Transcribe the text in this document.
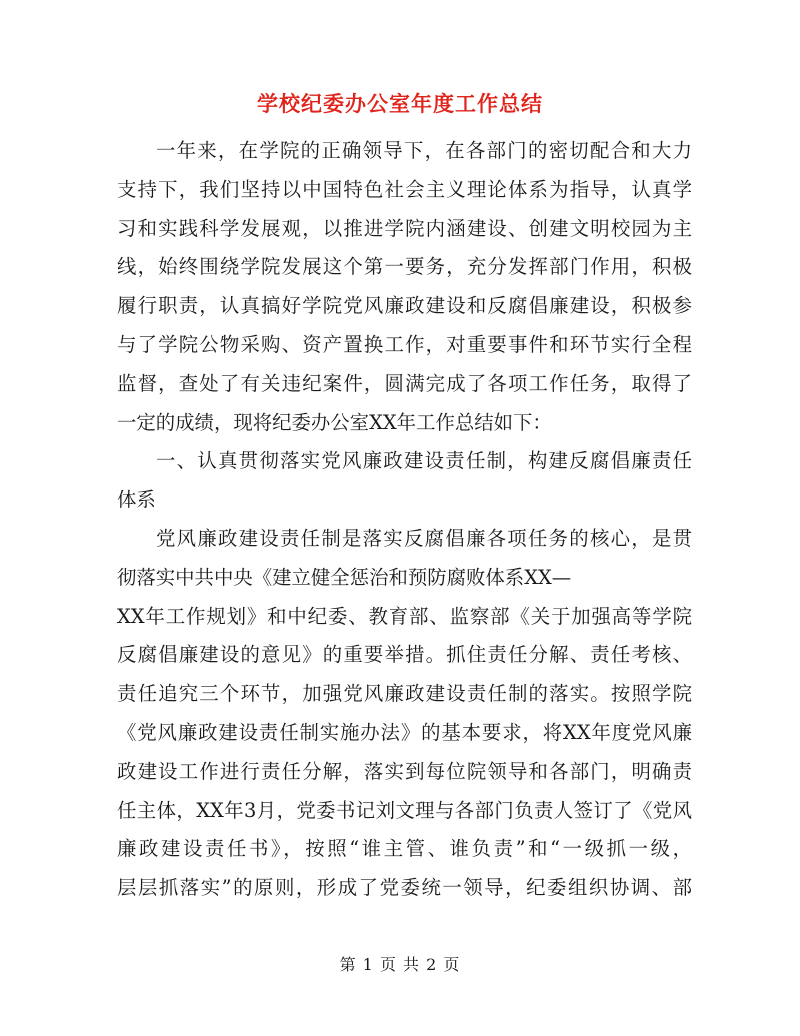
学校纪委办公室年度工作总结
一年来，在学院的正确领导下，在各部门的密切配合和大力
支持下，我们坚持以中国特色社会主义理论体系为指导，认真学
习和实践科学发展观，以推进学院内涵建设、创建文明校园为主
线，始终围绕学院发展这个第一要务，充分发挥部门作用，积极
履行职责，认真搞好学院党风廉政建设和反腐倡廉建设，积极参
与了学院公物采购、资产置换工作，对重要事件和环节实行全程
监督，查处了有关违纪案件，圆满完成了各项工作任务，取得了
一定的成绩，现将纪委办公室XX年工作总结如下：
一、认真贯彻落实党风廉政建设责任制，构建反腐倡廉责任
体系
党风廉政建设责任制是落实反腐倡廉各项任务的核心，是贯
彻落实中共中央《建立健全惩治和预防腐败体系XX—
XX年工作规划》和中纪委、教育部、监察部《关于加强高等学院
反腐倡廉建设的意见》的重要举措。抓住责任分解、责任考核、
责任追究三个环节，加强党风廉政建设责任制的落实。按照学院
《党风廉政建设责任制实施办法》的基本要求，将XX年度党风廉
政建设工作进行责任分解，落实到每位院领导和各部门，明确责
任主体，XX年3月，党委书记刘文理与各部门负责人签订了《党风
廉政建设责任书》，按照“谁主管、谁负责”和“一级抓一级，
层层抓落实”的原则，形成了党委统一领导，纪委组织协调、部
第 1 页 共 2 页
